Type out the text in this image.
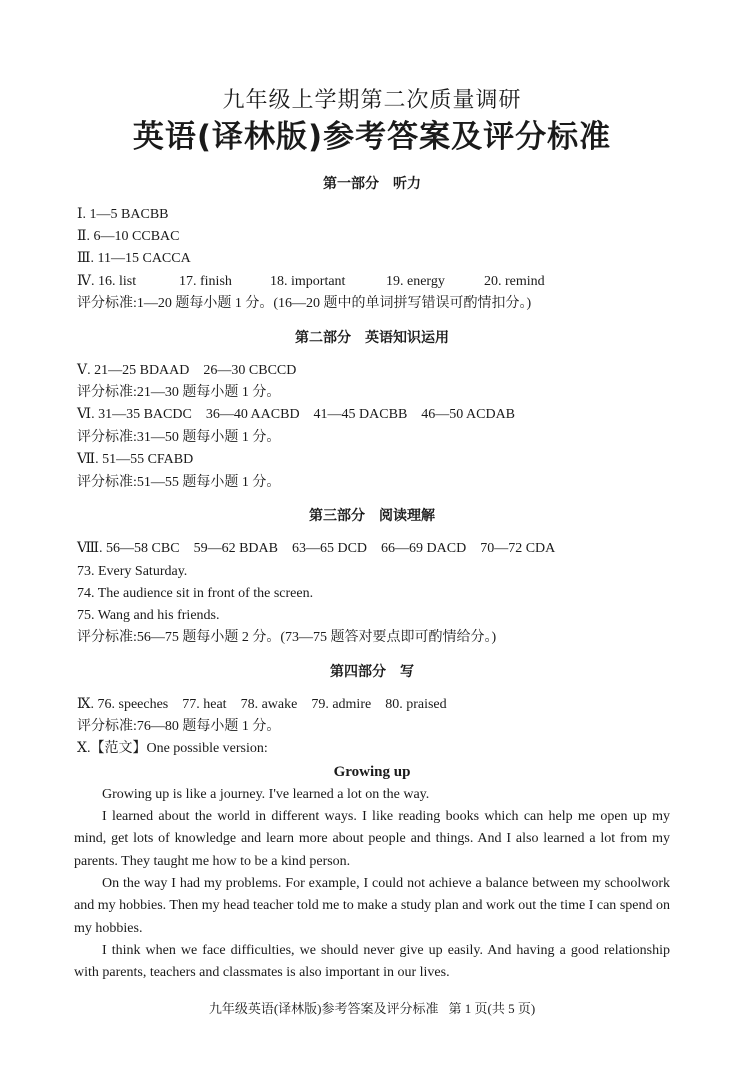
九年级上学期第二次质量调研
英语(译林版)参考答案及评分标准
第一部分 听力
Ⅰ. 1—5 BACBB
Ⅱ. 6—10 CCBAC
Ⅲ. 11—15 CACCA
Ⅳ. 16. list	17. finish	18. important	19. energy	20. remind
评分标准:1—20 题每小题 1 分。(16—20 题中的单词拼写错误可酌情扣分。)
第二部分 英语知识运用
Ⅴ. 21—25 BDAAD　26—30 CBCCD
评分标准:21—30 题每小题 1 分。
Ⅵ. 31—35 BACDC　36—40 AACBD　41—45 DACBB　46—50 ACDAB
评分标准:31—50 题每小题 1 分。
Ⅶ. 51—55 CFABD
评分标准:51—55 题每小题 1 分。
第三部分 阅读理解
Ⅷ. 56—58 CBC　59—62 BDAB　63—65 DCD　66—69 DACD　70—72 CDA
73. Every Saturday.
74. The audience sit in front of the screen.
75. Wang and his friends.
评分标准:56—75 题每小题 2 分。(73—75 题答对要点即可酌情给分。)
第四部分 写
Ⅸ. 76. speeches　77. heat　78. awake　79. admire　80. praised
评分标准:76—80 题每小题 1 分。
Ⅹ.【范文】One possible version:
Growing up
Growing up is like a journey. I've learned a lot on the way.
I learned about the world in different ways. I like reading books which can help me open up my mind, get lots of knowledge and learn more about people and things. And I also learned a lot from my parents. They taught me how to be a kind person.
On the way I had my problems. For example, I could not achieve a balance between my schoolwork and my hobbies. Then my head teacher told me to make a study plan and work out the time I can spend on my hobbies.
I think when we face difficulties, we should never give up easily. And having a good relationship with parents, teachers and classmates is also important in our lives.
九年级英语(译林版)参考答案及评分标准 第 1 页(共 5 页)
